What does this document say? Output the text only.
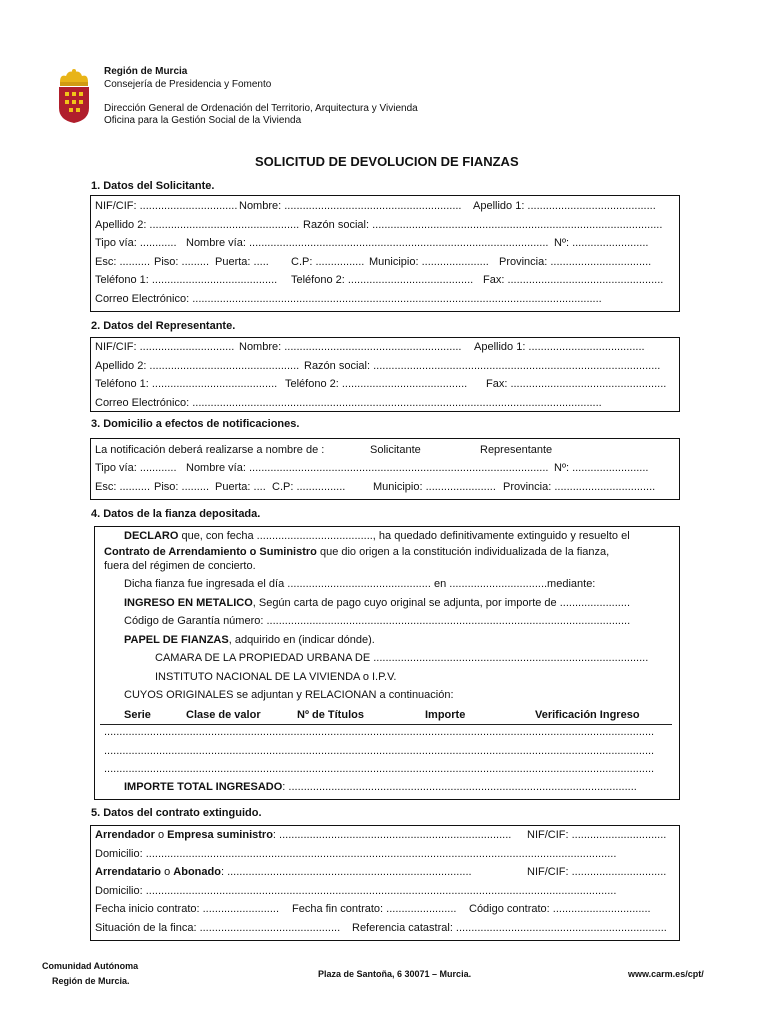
Región de Murcia
Consejería de Presidencia y Fomento
Dirección General de Ordenación del Territorio, Arquitectura y Vivienda
Oficina para la Gestión Social de la Vivienda
SOLICITUD DE DEVOLUCION DE FIANZAS
1. Datos del Solicitante.
NIF/CIF: ................................ Nombre: .......................................................... Apellido 1: ..........................................
Apellido 2: ................................................. Razón social: ...............................................................................................
Tipo vía: ............ Nombre vía: .................................................................................................. Nº: .........................
Esc: .......... Piso: ......... Puerta: ..... C.P: ................ Municipio: ...................... Provincia: .................................
Teléfono 1: ......................................... Teléfono 2: ......................................... Fax: ...................................................
Correo Electrónico: ......................................................................................................................................
2. Datos del Representante.
NIF/CIF: ............................... Nombre: .......................................................... Apellido 1: ......................................
Apellido 2: ................................................. Razón social: ..............................................................................................
Teléfono 1: ......................................... Teléfono 2: ......................................... Fax: ...................................................
Correo Electrónico: ......................................................................................................................................
3. Domicilio a efectos de notificaciones.
La notificación deberá realizarse a nombre de :	Solicitante	Representante
Tipo vía: ............ Nombre vía: .................................................................................................. Nº: .........................
Esc: .......... Piso: ......... Puerta: .... C.P: ................	Municipio: ....................... Provincia: .................................
4. Datos de la fianza depositada.
DECLARO que, con fecha ......................................, ha quedado definitivamente extinguido y resuelto el
Contrato de Arrendamiento o Suministro que dio origen a la constitución individualizada de la fianza,
fuera del régimen de concierto.
Dicha fianza fue ingresada el día ............................................... en ................................mediante:
INGRESO EN METALICO, Según carta de pago cuyo original se adjunta, por importe de .......................
Código de Garantía número: .......................................................................................................................
PAPEL DE FIANZAS, adquirido en (indicar dónde).
CAMARA DE LA PROPIEDAD URBANA DE ..........................................................................................
INSTITUTO NACIONAL DE LA VIVIENDA o I.P.V.
CUYOS ORIGINALES se adjuntan y RELACIONAN a continuación:
Serie	Clase de valor	Nº de Títulos	Importe	Verificación Ingreso
....................................................................................................................................................................................
....................................................................................................................................................................................
....................................................................................................................................................................................
IMPORTE TOTAL INGRESADO: ..................................................................................................................
5. Datos del contrato extinguido.
Arrendador o Empresa suministro: ............................................................................ NIF/CIF: ...............................
Domicilio: ..........................................................................................................................................................
Arrendatario o Abonado: ................................................................................	NIF/CIF: ...............................
Domicilio: ..........................................................................................................................................................
Fecha inicio contrato: ......................... Fecha fin contrato: ....................... Código contrato: ................................
Situación de la finca: .............................................. Referencia catastral: .....................................................................
Comunidad Autónoma
Región de Murcia.
Plaza de Santoña, 6 30071 – Murcia.	www.carm.es/cpt/
